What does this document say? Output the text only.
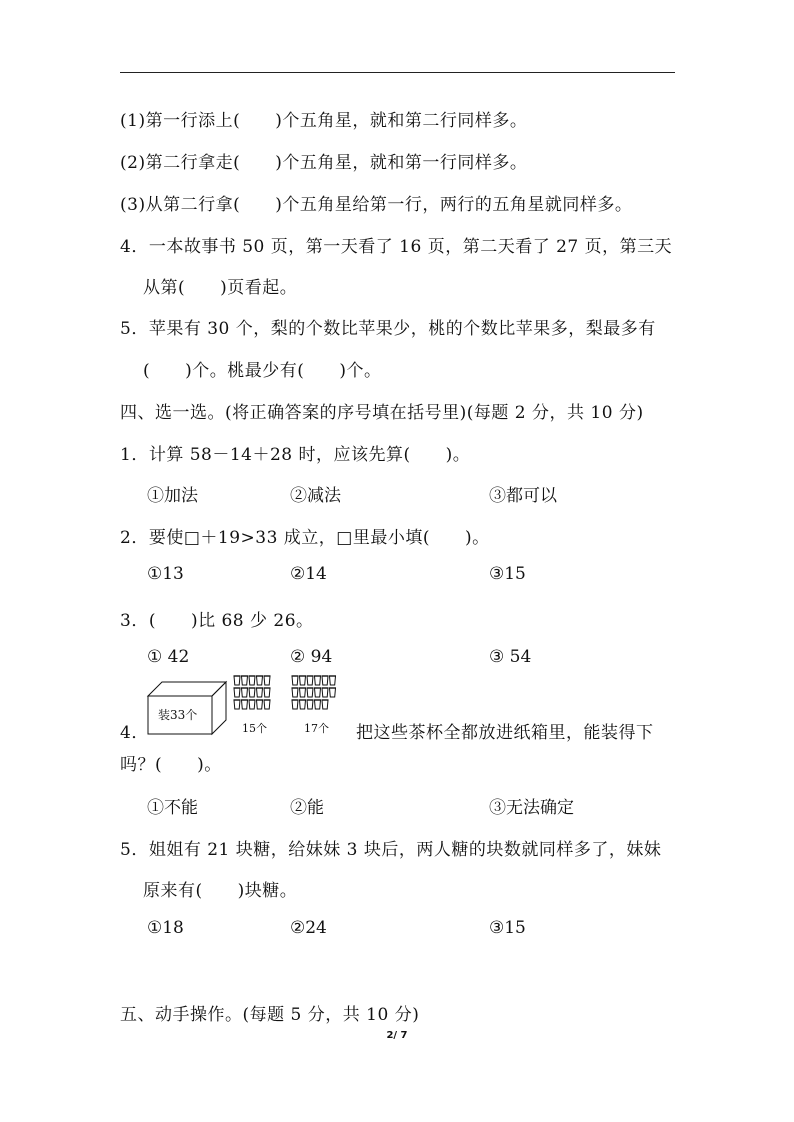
(1)第一行添上(　　)个五角星，就和第二行同样多。
(2)第二行拿走(　　)个五角星，就和第一行同样多。
(3)从第二行拿(　　)个五角星给第一行，两行的五角星就同样多。
4．一本故事书 50 页，第一天看了 16 页，第二天看了 27 页，第三天
从第(　　)页看起。
5．苹果有 30 个，梨的个数比苹果少，桃的个数比苹果多，梨最多有
(　　)个。桃最少有(　　)个。
四、选一选。(将正确答案的序号填在括号里)(每题 2 分，共 10 分)
1．计算 58－14＋28 时，应该先算(　　)。
①加法	②减法	③都可以
2．要使□＋19>33 成立，□里最小填(　　)。
①13	②14	③15
3．(　　)比 68 少 26。
① 42	② 94	③ 54
4．
装33个
15个	17个 把这些茶杯全都放进纸箱里，能装得下
吗？(　　)。
①不能	②能	③无法确定
5．姐姐有 21 块糖，给妹妹 3 块后，两人糖的块数就同样多了，妹妹
原来有(　　)块糖。
①18	②24	③15
五、动手操作。(每题 5 分，共 10 分)
2/ 7
